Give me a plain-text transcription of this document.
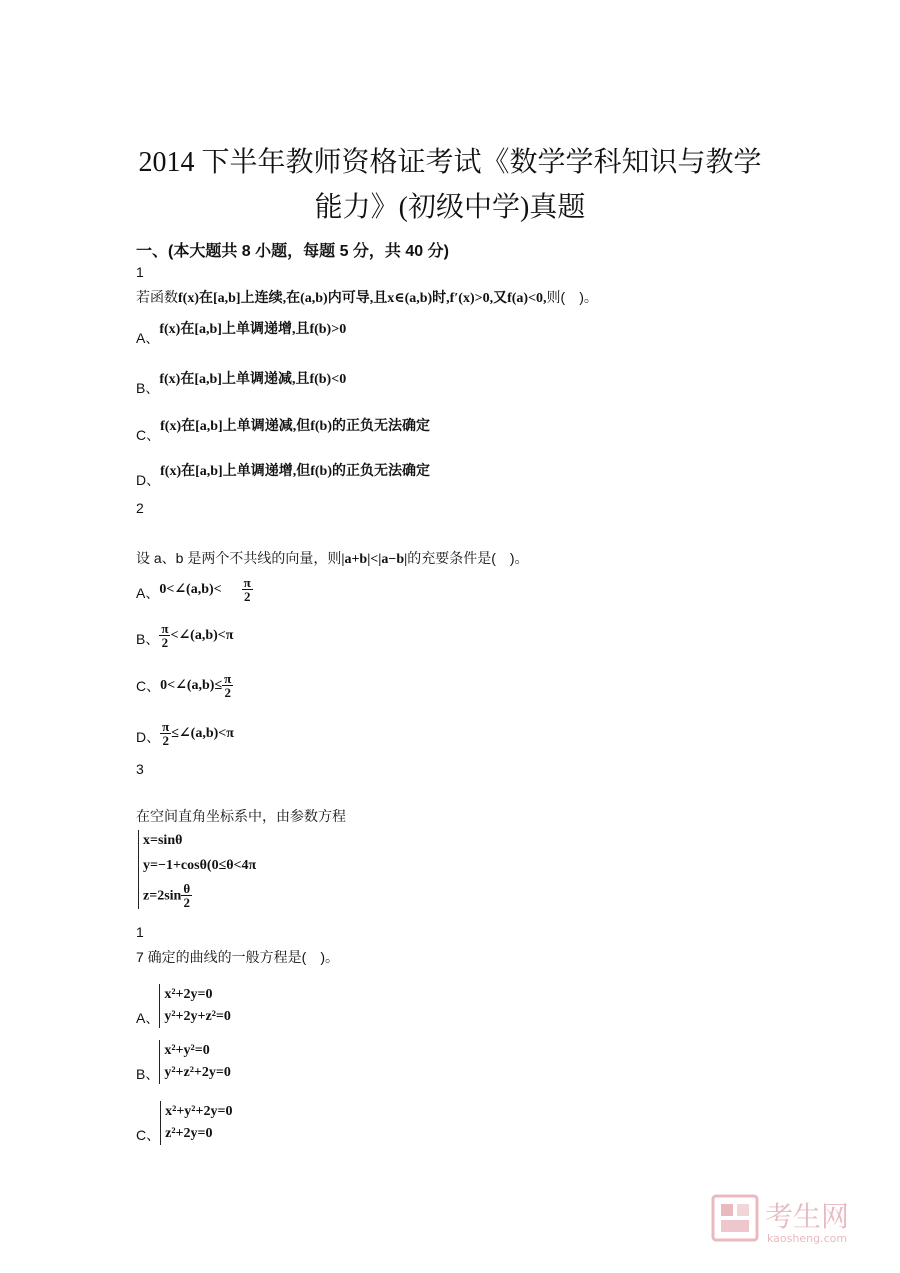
2014 下半年教师资格证考试《数学学科知识与教学
能力》(初级中学)真题
一、(本大题共 8 小题，每题 5 分，共 40 分)
1
若函数f(x)在[a,b]上连续,在(a,b)内可导,且x∈(a,b)时,f′(x)>0,又f(a)<0,则(　)。
A、f(x)在[a,b]上单调递增,且f(b)>0
B、f(x)在[a,b]上单调递减,且f(b)<0
C、f(x)在[a,b]上单调递减,但f(b)的正负无法确定
D、f(x)在[a,b]上单调递增,但f(b)的正负无法确定
2
设 a、b 是两个不共线的向量，则|a+b|<|a−b|的充要条件是(　)。
A、0<∠(a,b)< $\frac{\pi}{2}$
B、 $\frac{\pi}{2}$ <∠(a,b)<π
C、0<∠(a,b)≤ $\frac{\pi}{2}$
D、 $\frac{\pi}{2}$ ≤∠(a,b)<π
3
在空间直角坐标系中，由参数方程
x=sinθ
y=−1+cosθ(0≤θ<4π
$z=2\sin \frac{\theta}{2}$
1
7 确定的曲线的一般方程是(　)。
A、
x²+2y=0
y²+2y+z²=0
B、
x²+y²=0
y²+z²+2y=0
C、
x²+y²+2y=0
z²+2y=0
考生网
kaosheng.com
